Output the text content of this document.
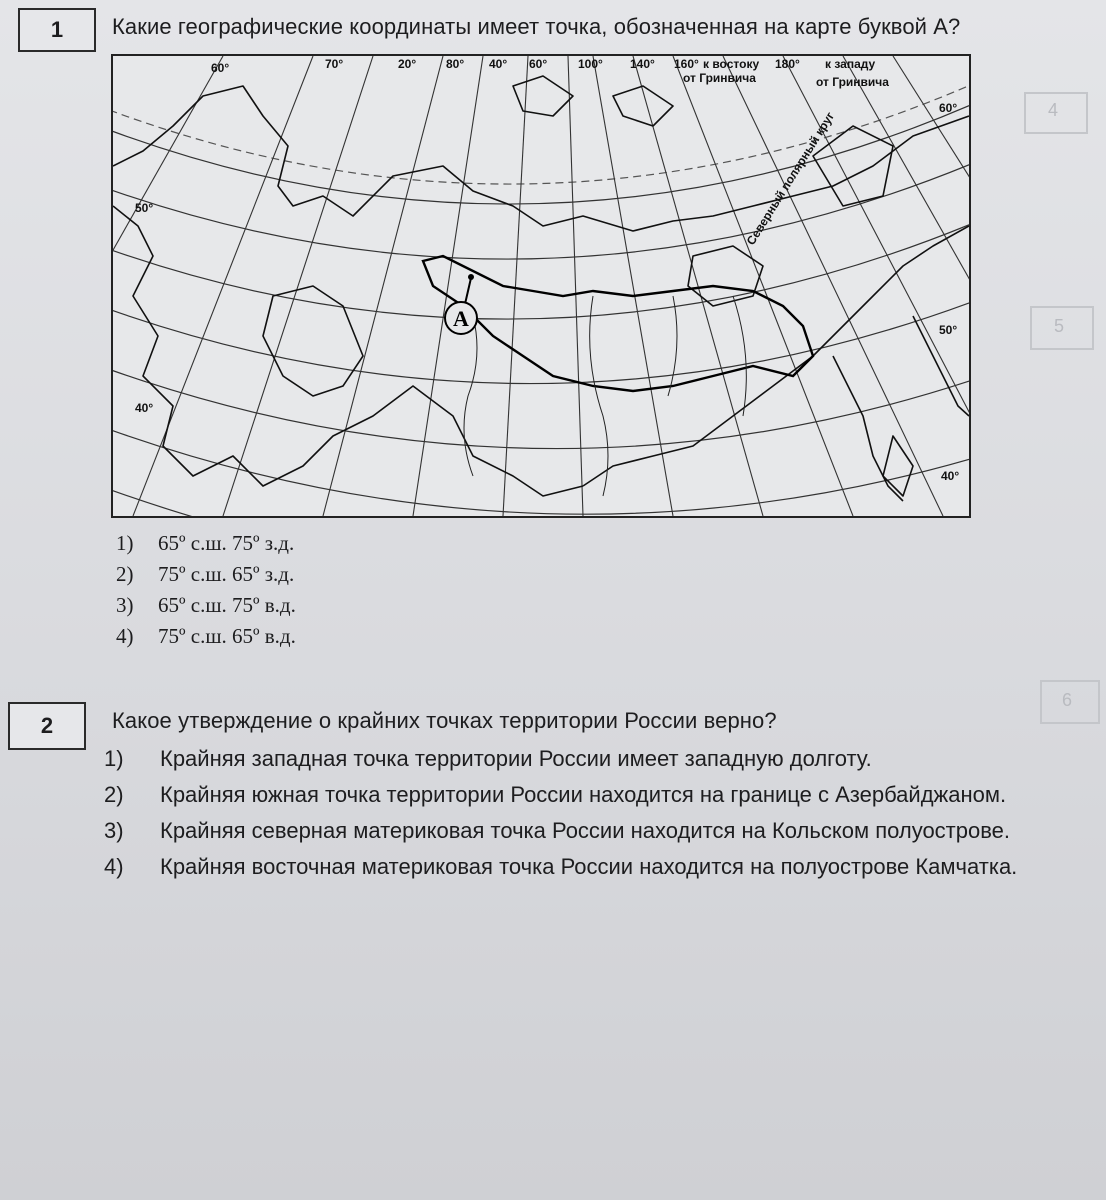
4
5
6
1	Какие географические координаты имеет точка, обозначенная на карте буквой А?
А
60°	70°	20° 80° 40° 60°	100° 140° 160° к востоку
от Гринвича
180° к западу
от Гринвича
60°
50°
50°
40°
40°
Северный полярный круг
1) 65º с.ш. 75º з.д.
2) 75º с.ш. 65º з.д.
3) 65º с.ш. 75º в.д.
4) 75º с.ш. 65º в.д.
2	Какое утверждение о крайних точках территории России верно?
1) Крайняя западная точка территории России имеет западную долготу.
2) Крайняя южная точка территории России находится на границе с Азербайджаном.
3) Крайняя северная материковая точка России находится на Кольском полуострове.
4) Крайняя восточная материковая точка России находится на полуострове Камчатка.
